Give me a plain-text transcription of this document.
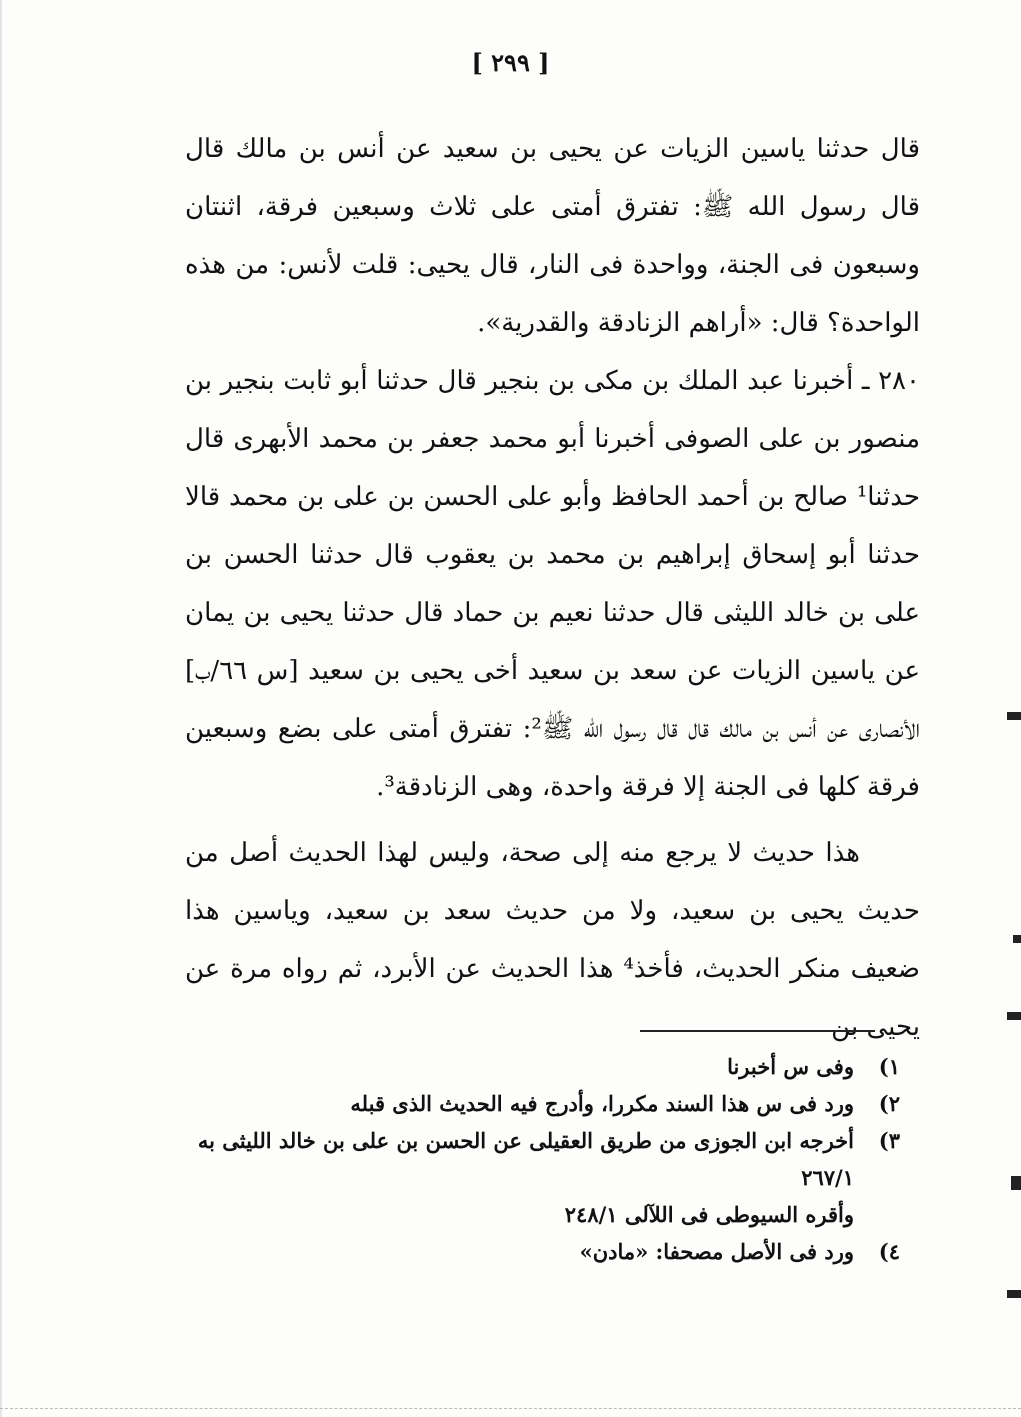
[ ٢٩٩ ]

قال حدثنا ياسين الزيات عن يحيى بن سعيد عن أنس بن مالك قال قال رسول الله ﷺ: تفترق أمتى على ثلاث وسبعين فرقة، اثنتان وسبعون فى الجنة، وواحدة فى النار، قال يحيى: قلت لأنس: من هذه الواحدة؟ قال: «أراهم الزنادقة والقدرية».

٢٨٠ ـ أخبرنا عبد الملك بن مكى بن بنجير قال حدثنا أبو ثابت بنجير بن منصور بن على الصوفى أخبرنا أبو محمد جعفر بن محمد الأبهرى قال حدثنا¹ صالح بن أحمد الحافظ وأبو على الحسن بن على بن محمد قالا حدثنا أبو إسحاق إبراهيم بن محمد بن يعقوب قال حدثنا الحسن بن على بن خالد الليثى قال حدثنا نعيم بن حماد قال حدثنا يحيى بن يمان عن ياسين الزيات عن سعد بن سعيد أخى يحيى بن سعيد [س ٦٦/ب] الأنصارى عن أنس بن مالك قال قال رسول الله ﷺ²: تفترق أمتى على بضع وسبعين فرقة كلها فى الجنة إلا فرقة واحدة، وهى الزنادقة³.

هذا حديث لا يرجع منه إلى صحة، وليس لهذا الحديث أصل من حديث يحيى بن سعيد، ولا من حديث سعد بن سعيد، وياسين هذا ضعيف منكر الحديث، فأخذ⁴ هذا الحديث عن الأبرد، ثم رواه مرة عن يحيى بن

١)
وفى س أخبرنا
٢)
ورد فى س هذا السند مكررا، وأدرج فيه الحديث الذى قبله
٣)
أخرجه ابن الجوزى من طريق العقيلى عن الحسن بن على بن خالد الليثى به ٢٦٧/١
وأقره السيوطى فى اللآلى ٢٤٨/١
٤)
ورد فى الأصل مصحفا: «مادن»
